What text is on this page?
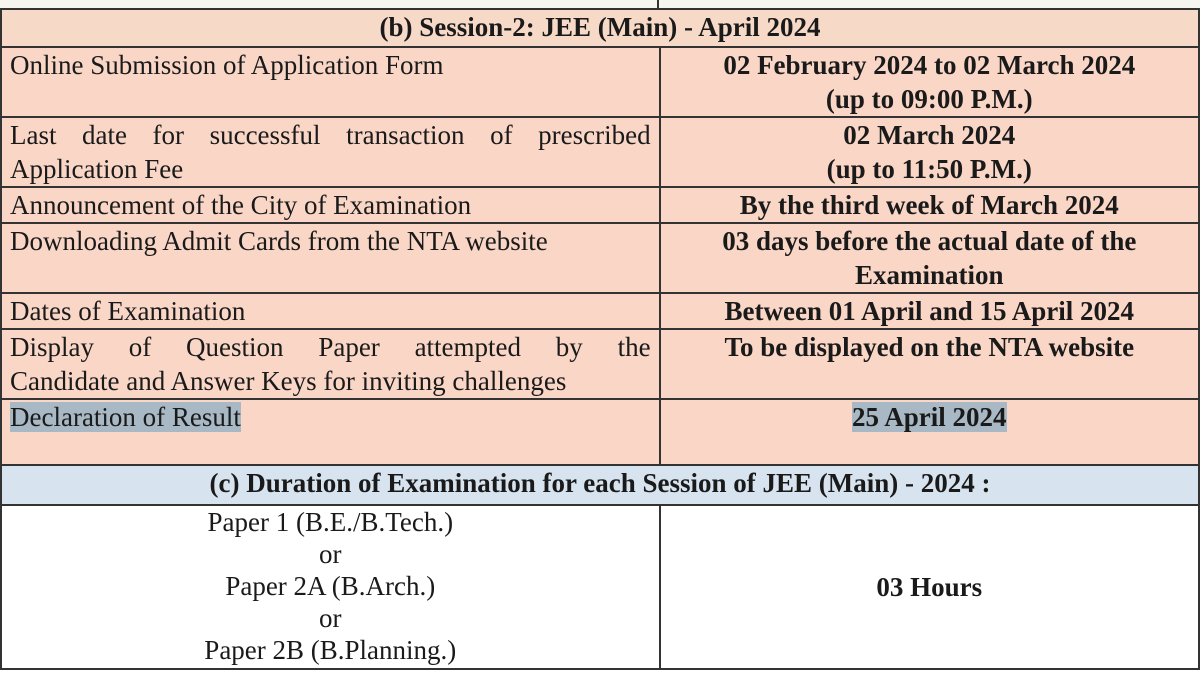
(b) Session-2: JEE (Main) - April 2024	
Online Submission of Application Form	02 February 2024 to 02 March 2024
(up to 09:00 P.M.)

Last date for successful transaction of prescribed
Application Fee	02 March 2024
(up to 11:50 P.M.)

Announcement of the City of Examination	By the third week of March 2024
Downloading Admit Cards from the NTA website	03 days before the actual date of the
Examination

Dates of Examination	Between 01 April and 15 April 2024

Display of Question Paper attempted by the
Candidate and Answer Keys for inviting challenges	To be displayed on the NTA website
Declaration of Result	25 April 2024
(c) Duration of Examination for each Session of JEE (Main) - 2024 :	

Paper 1 (B.E./B.Tech.)
or
Paper 2A (B.Arch.)
or
Paper 2B (B.Planning.)	03 Hours
